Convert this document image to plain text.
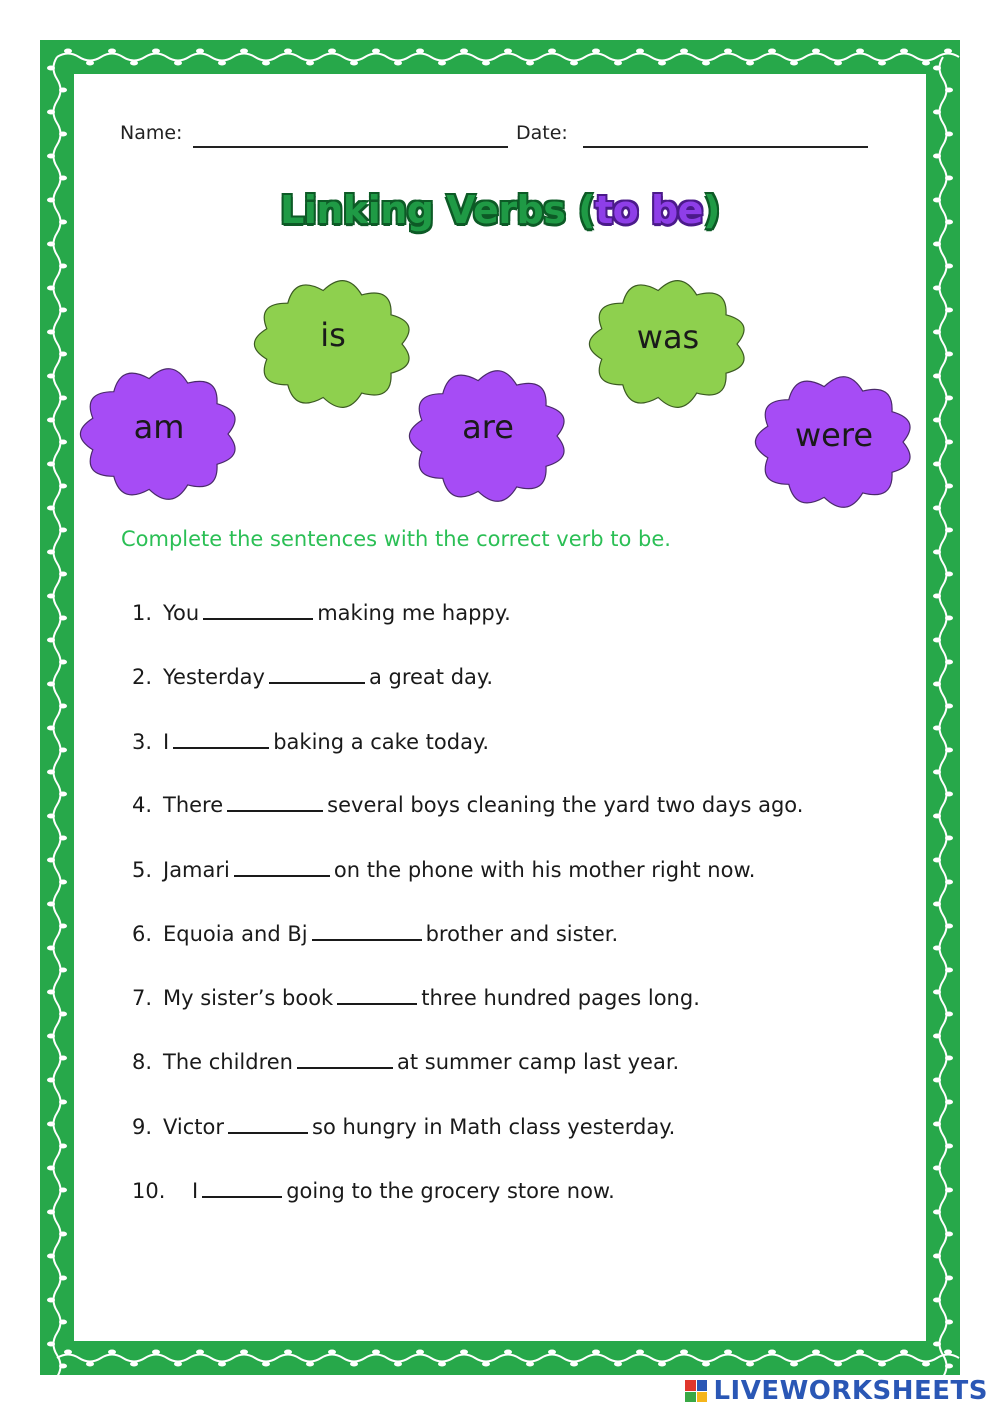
Name:	Date:
Linking Verbs (to be)
am
is
are
was
were
Complete the sentences with the correct verb to be.
1. You	making me happy.
2. Yesterday	a great day.
3. I	baking a cake today.
4. There	several boys cleaning the yard two days ago.
5. Jamari	on the phone with his mother right now.
6. Equoia and Bj	brother and sister.
7. My sister’s book	three hundred pages long.
8. The children	at summer camp last year.
9. Victor	so hungry in Math class yesterday.
10. I	going to the grocery store now.
LIVEWORKSHEETS
